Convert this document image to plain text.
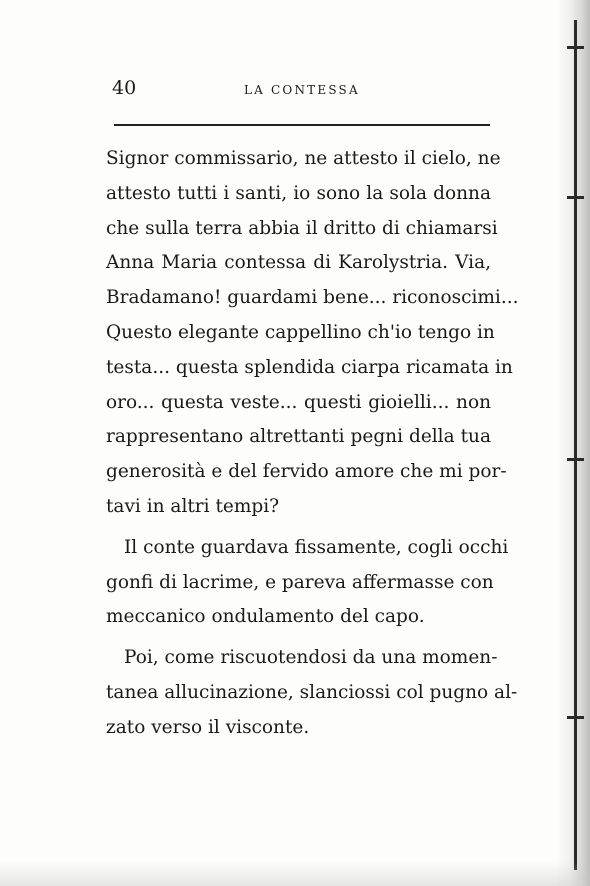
40	LA CONTESSA

Signor commissario, ne attesto il cielo, ne
attesto tutti i santi, io sono la sola donna
che sulla terra abbia il dritto di chiamarsi
Anna Maria contessa di Karolystria. Via,
Bradamano! guardami bene... riconoscimi...
Questo elegante cappellino ch'io tengo in
testa... questa splendida ciarpa ricamata in
oro... questa veste... questi gioielli... non
rappresentano altrettanti pegni della tua
generosità e del fervido amore che mi por-
tavi in altri tempi?

Il conte guardava fissamente, cogli occhi
gonfi di lacrime, e pareva affermasse con
meccanico ondulamento del capo.

Poi, come riscuotendosi da una momen-
tanea allucinazione, slanciossi col pugno al-
zato verso il visconte.
